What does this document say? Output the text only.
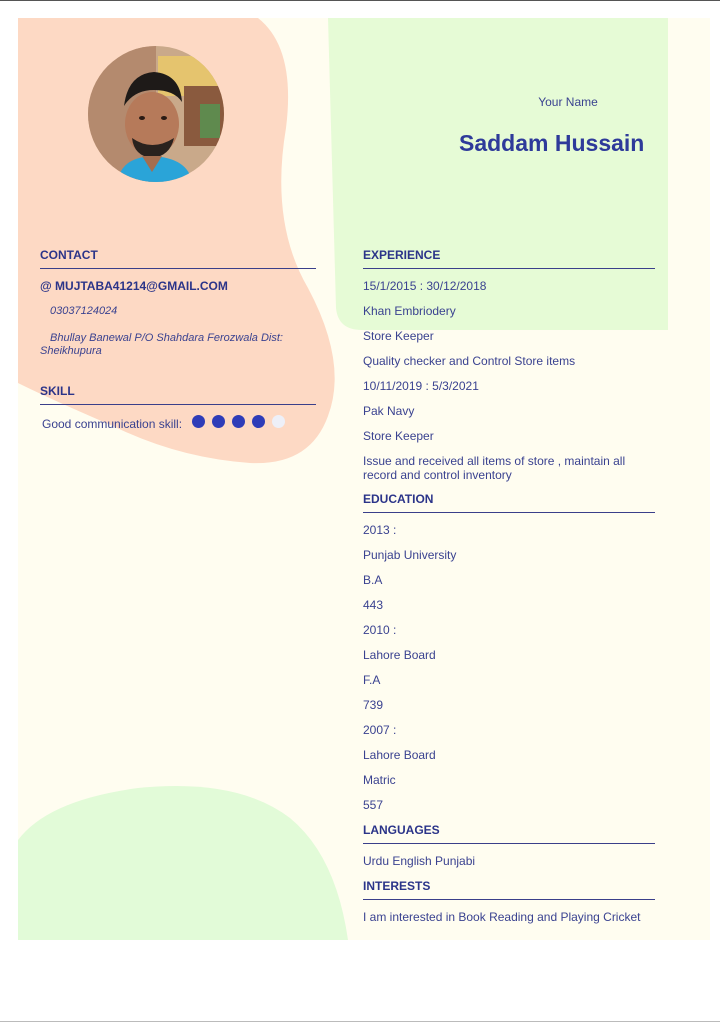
Your Name

Saddam Hussain
CONTACT

@ MUJTABA41214@GMAIL.COM

03037124024

Bhullay Banewal P/O Shahdara Ferozwala Dist: Sheikhupura

SKILL
Good communication skill:
EXPERIENCE

15/1/2015 : 30/12/2018

Khan Embriodery

Store Keeper

Quality checker and Control Store items

10/11/2019 : 5/3/2021

Pak Navy

Store Keeper

Issue and received all items of store , maintain all record and control inventory

EDUCATION

2013 :

Punjab University

B.A

443

2010 :

Lahore Board

F.A

739

2007 :

Lahore Board

Matric

557

LANGUAGES

Urdu English Punjabi

INTERESTS

I am interested in Book Reading and Playing Cricket
